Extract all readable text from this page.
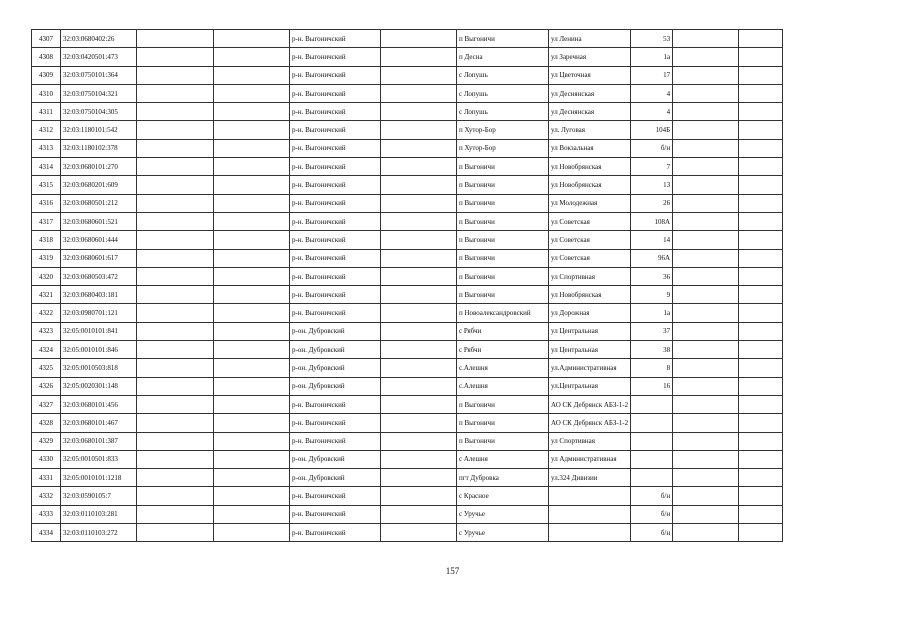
4307	32:03:0680402:26			р-н. Выгоничский		п Выгоничи	ул Ленина	53		
4308	32:03:0420501:473			р-н. Выгоничский		п Десна	ул Заречная	1а		
4309	32:03:0750101:364			р-н. Выгоничский		с Лопушь	ул Цветочная	17		
4310	32:03:0750104:321			р-н. Выгоничский		с Лопушь	ул Деснянская	4		
4311	32:03:0750104:305			р-н. Выгоничский		с Лопушь	ул Деснянская	4		
4312	32:03:1180101:542			р-н. Выгоничский		п Хутор-Бор	ул. Луговая	104Б		
4313	32:03:1180102:378			р-н. Выгоничский		п Хутор-Бор	ул Вокзальная	б/н		
4314	32:03:0680101:270			р-н. Выгоничский		п Выгоничи	ул Новобрянская	7		
4315	32:03:0680201:609			р-н. Выгоничский		п Выгоничи	ул Новобрянская	13		
4316	32:03:0680501:212			р-н. Выгоничский		п Выгоничи	ул Молодежная	26		
4317	32:03:0680601:521			р-н. Выгоничский		п Выгоничи	ул Советская	108А		
4318	32:03:0680601:444			р-н. Выгоничский		п Выгоничи	ул Советская	14		
4319	32:03:0680601:617			р-н. Выгоничский		п Выгоничи	ул Советская	96А		
4320	32:03:0680503:472			р-н. Выгоничский		п Выгоничи	ул Спортивная	36		
4321	32:03:0680403:181			р-н. Выгоничский		п Выгоничи	ул Новобрянская	9		
4322	32:03:0980701:121			р-н. Выгоничский		п Новоалександровский	ул Дорожная	1а		
4323	32:05:0010101:841			р-он. Дубровский		с Рябчи	ул Центральная	37		
4324	32:05:0010101:846			р-он. Дубровский		с Рябчи	ул Центральная	38		
4325	32:05:0010503:818			р-он. Дубровский		с.Алешня	ул.Административная	8		
4326	32:05:0020301:148			р-он. Дубровский		с.Алешня	ул.Центральная	16		
4327	32:03:0680101:456			р-н. Выгоничский		п Выгоничи	АО СК Дебрянск АБЗ-1-2			
4328	32:03:0680101:467			р-н. Выгоничский		п Выгоничи	АО СК Дебрянск АБЗ-1-2			
4329	32:03:0680101:387			р-н. Выгоничский		п Выгоничи	ул Спортивная			
4330	32:05:0010501:833			р-он. Дубровский		с Алешня	ул Административная			
4331	32:05:0010101:1218			р-он. Дубровский		пгт Дубровка	ул.324 Дивизии			
4332	32:03:0590105:7			р-н. Выгоничский		с Красное		б/н		
4333	32:03:0110103:281			р-н. Выгоничский		с Уручье		б/н		
4334	32:03:0110103:272			р-н. Выгоничский		с Уручье		б/н		
157
